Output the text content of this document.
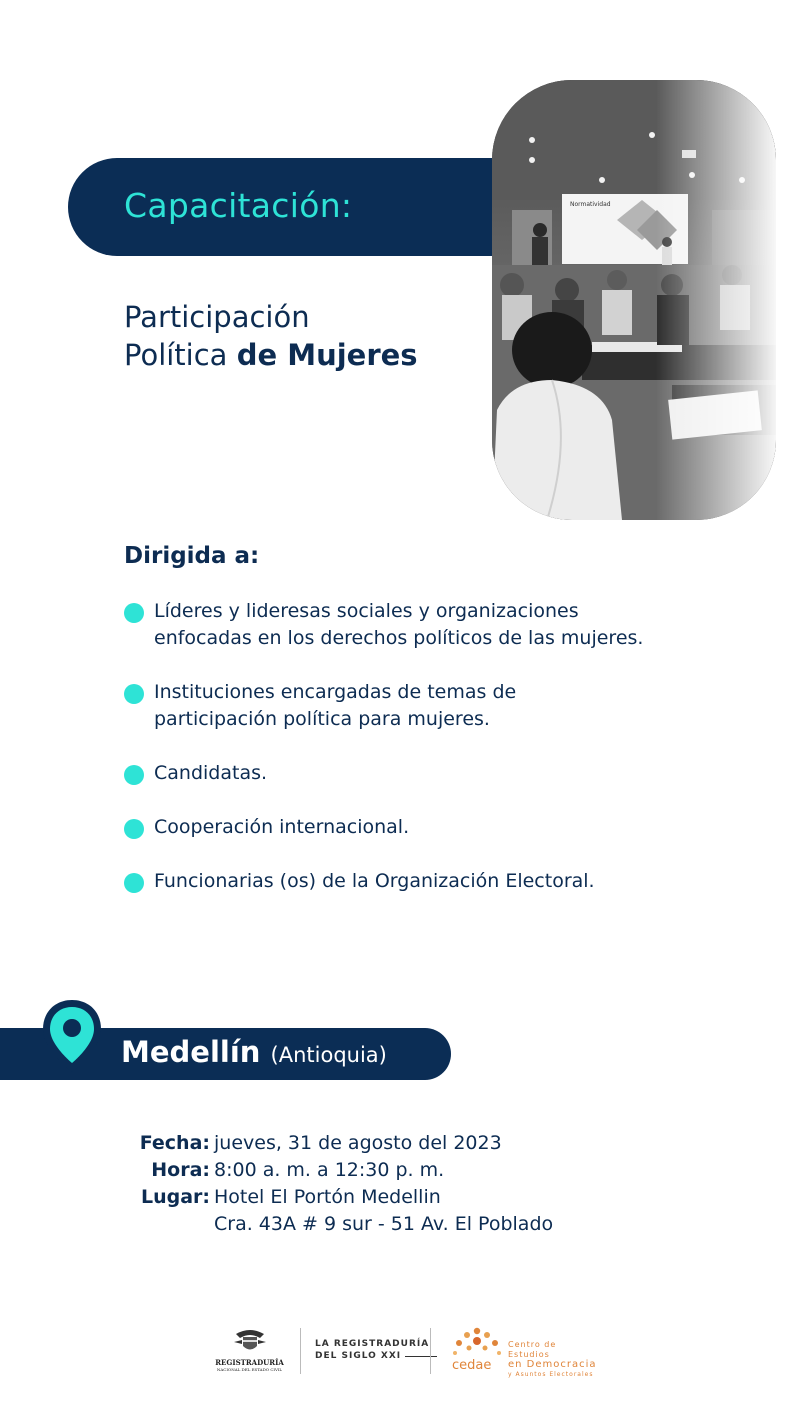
Capacitación:	Normatividad
Participación
Política de Mujeres
Dirigida a:
Líderes y lideresas sociales y organizaciones enfocadas en los derechos políticos de las mujeres.
Instituciones encargadas de temas de participación política para mujeres.
Candidatas.
Cooperación internacional.
Funcionarias (os) de la Organización Electoral.
Medellín (Antioquia)
Fecha: jueves, 31 de agosto del 2023
Hora: 8:00 a. m. a 12:30 p. m.
Lugar: Hotel El Portón Medellin
Cra. 43A # 9 sur - 51 Av. El Poblado
REGISTRADURÍA
NACIONAL DEL ESTADO CIVIL
LA REGISTRADURÍA
DEL SIGLO XXI
cedae
Centro de Estudios
en Democracia
y Asuntos Electorales
